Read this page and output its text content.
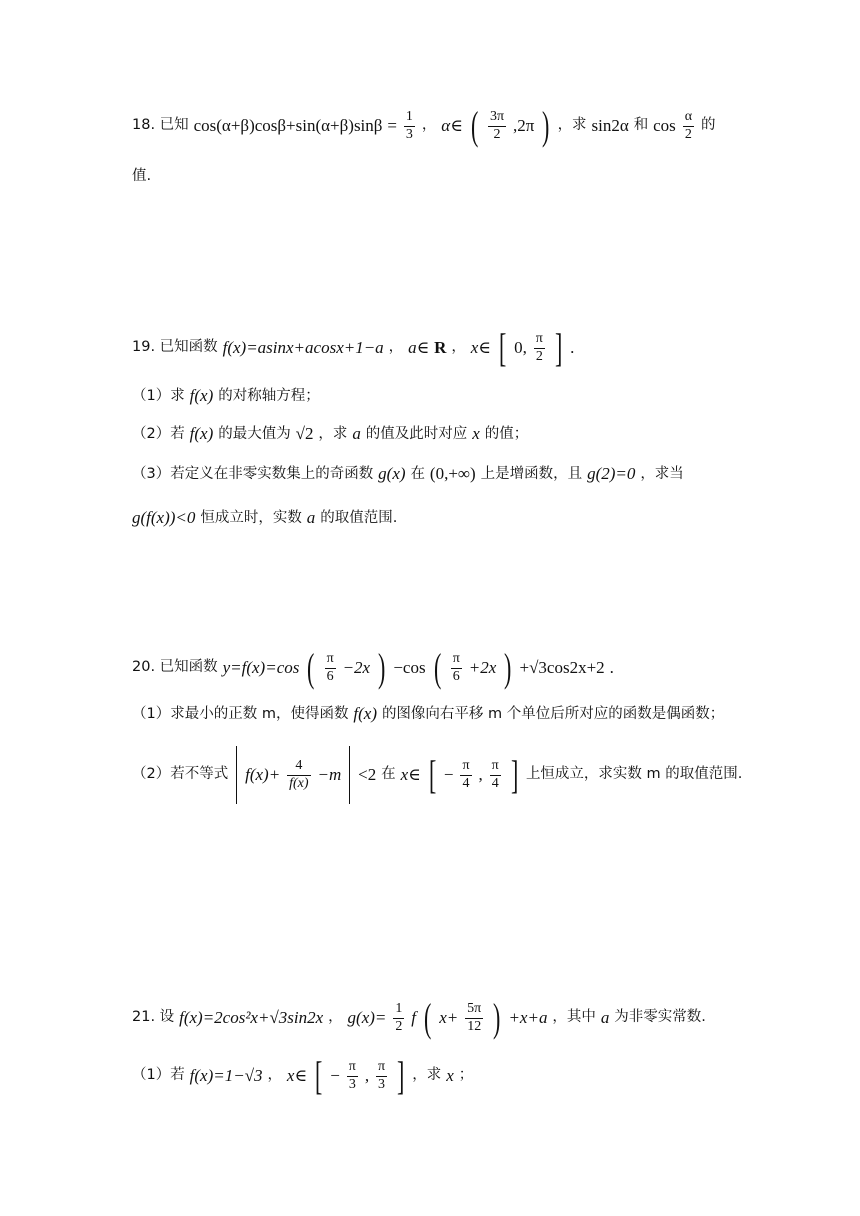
18. 已知 $\cos(\alpha+\beta)\cos\beta+\sin(\alpha+\beta)\sin\beta = \frac{1}{3}$ ， α∈ ( $\frac{3\pi}{2} ,2\pi$ ) ，求 sin2α 和 $\cos \frac{\alpha}{2}$ 的
值.
19. 已知函数 f(x)=asinx+acosx+1−a ， a∈ R ， x∈ [ 0, $\frac{\pi}{2}$ ] .
（1）求 f(x) 的对称轴方程；
（2）若 f(x) 的最大值为 √2 ，求 a 的值及此时对应 x 的值；
（3）若定义在非零实数集上的奇函数 g(x) 在 (0,+∞) 上是增函数，且 g(2)=0 ，求当
g(f(x))<0 恒成立时，实数 a 的取值范围.
20. 已知函数 y=f(x)=cos ( $\frac{\pi}{6} -2x$ ) −cos ( $\frac{\pi}{6} +2x$ ) +√3cos2x+2 .
（1）求最小的正数 m，使得函数 f(x) 的图像向右平移 m 个单位后所对应的函数是偶函数；
（2）若不等式 $f(x)+ \frac{4}{f(x)} -m <2$ 在 x∈ [ − $\frac{\pi}{4}$ , $\frac{\pi}{4}$ ] 上恒成立，求实数 m 的取值范围.
21. 设 f(x)=2cos²x+√3sin2x ， $g(x)= \frac{1}{2}$ f ( $x+ \frac{5\pi}{12}$ ) +x+a ，其中 a 为非零实常数.
（1）若 f(x)=1−√3 ， x∈ [ − $\frac{\pi}{3}$ , $\frac{\pi}{3}$ ] ，求 x ；
